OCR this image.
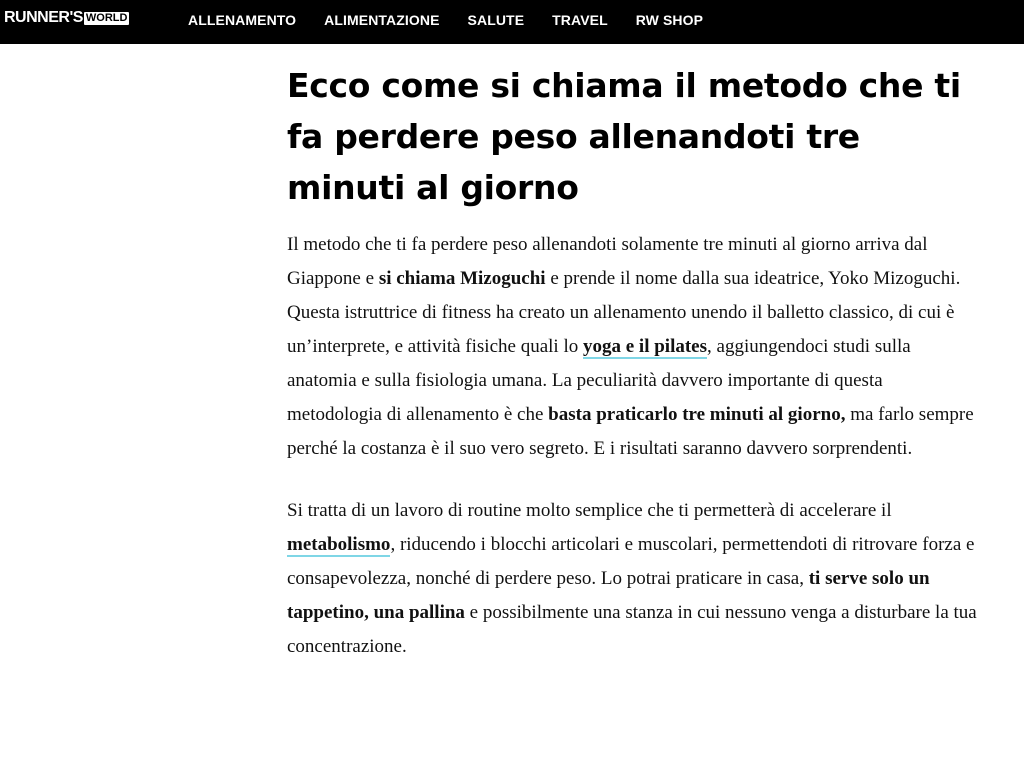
RUNNER'S WORLD	ALLENAMENTO ALIMENTAZIONE SALUTE TRAVEL RW SHOP
Ecco come si chiama il metodo che ti fa perdere peso allenandoti tre minuti al giorno

Il metodo che ti fa perdere peso allenandoti solamente tre minuti al giorno arriva dal Giappone e si chiama Mizoguchi e prende il nome dalla sua ideatrice, Yoko Mizoguchi. Questa istruttrice di fitness ha creato un allenamento unendo il balletto classico, di cui è un’interprete, e attività fisiche quali lo yoga e il pilates, aggiungendoci studi sulla anatomia e sulla fisiologia umana. La peculiarità davvero importante di questa metodologia di allenamento è che basta praticarlo tre minuti al giorno, ma farlo sempre perché la costanza è il suo vero segreto. E i risultati saranno davvero sorprendenti.

Si tratta di un lavoro di routine molto semplice che ti permetterà di accelerare il metabolismo, riducendo i blocchi articolari e muscolari, permettendoti di ritrovare forza e consapevolezza, nonché di perdere peso. Lo potrai praticare in casa, ti serve solo un tappetino, una pallina e possibilmente una stanza in cui nessuno venga a disturbare la tua concentrazione.
